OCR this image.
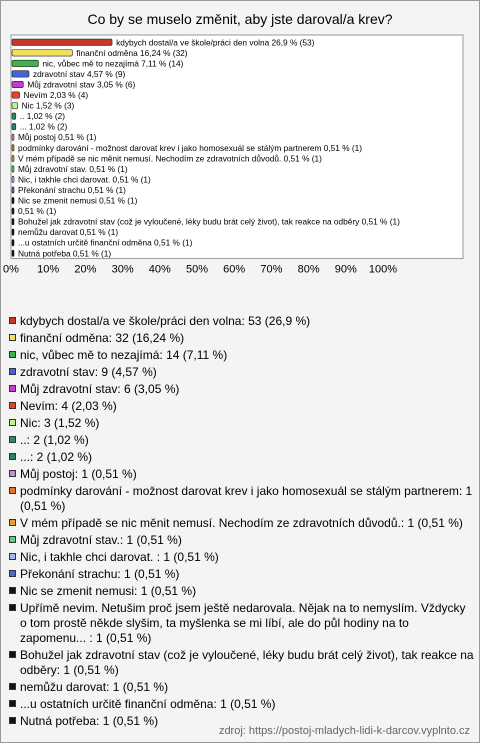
Co by se muselo změnit, aby jste daroval/a krev?
0% 10% 20% 30% 40% 50% 60% 70% 80% 90% 100%
kdybych dostal/a ve škole/práci den volna 26,9 % (53)
finanční odměna 16,24 % (32)
nic, vůbec mě to nezajímá 7,11 % (14)
zdravotní stav 4,57 % (9)
Můj zdravotní stav 3,05 % (6)
Nevím 2,03 % (4)
Nic 1,52 % (3)
.. 1,02 % (2)
... 1,02 % (2)
Můj postoj 0,51 % (1)
podmínky darování - možnost darovat krev i jako homosexuál se stálým partnerem 0,51 % (1)
V mém případě se nic měnit nemusí. Nechodím ze zdravotních důvodů. 0,51 % (1)
Můj zdravotní stav. 0,51 % (1)
Nic, i takhle chci darovat. 0,51 % (1)
Překonání strachu 0,51 % (1)
Nic se zmenit nemusi 0,51 % (1)
0,51 % (1)
Bohužel jak zdravotní stav (což je vyloučené, léky budu brát celý život), tak reakce na odběry 0,51 % (1)
nemůžu darovat 0,51 % (1)
...u ostatních určitě finanční odměna 0,51 % (1)
Nutná potřeba 0,51 % (1)
kdybych dostal/a ve škole/práci den volna: 53 (26,9 %)
finanční odměna: 32 (16,24 %)
nic, vůbec mě to nezajímá: 14 (7,11 %)
zdravotní stav: 9 (4,57 %)
Můj zdravotní stav: 6 (3,05 %)
Nevím: 4 (2,03 %)
Nic: 3 (1,52 %)
..: 2 (1,02 %)
...: 2 (1,02 %)
Můj postoj: 1 (0,51 %)
podmínky darování - možnost darovat krev i jako homosexuál se stálým partnerem: 1 (0,51 %)
V mém případě se nic měnit nemusí. Nechodím ze zdravotních důvodů.: 1 (0,51 %)
Můj zdravotní stav.: 1 (0,51 %)
Nic, i takhle chci darovat. : 1 (0,51 %)
Překonání strachu: 1 (0,51 %)
Nic se zmenit nemusi: 1 (0,51 %)
Upřímě nevim. Netušim proč jsem ještě nedarovala. Nějak na to nemyslím. Vždycky o tom prostě někde slyšim, ta myšlenka se mi líbí, ale do půl hodiny na to zapomenu... : 1 (0,51 %)
Bohužel jak zdravotní stav (což je vyloučené, léky budu brát celý život), tak reakce na odběry: 1 (0,51 %)
nemůžu darovat: 1 (0,51 %)
...u ostatních určitě finanční odměna: 1 (0,51 %)
Nutná potřeba: 1 (0,51 %)
zdroj: https://postoj-mladych-lidi-k-darcov.vyplnto.cz
